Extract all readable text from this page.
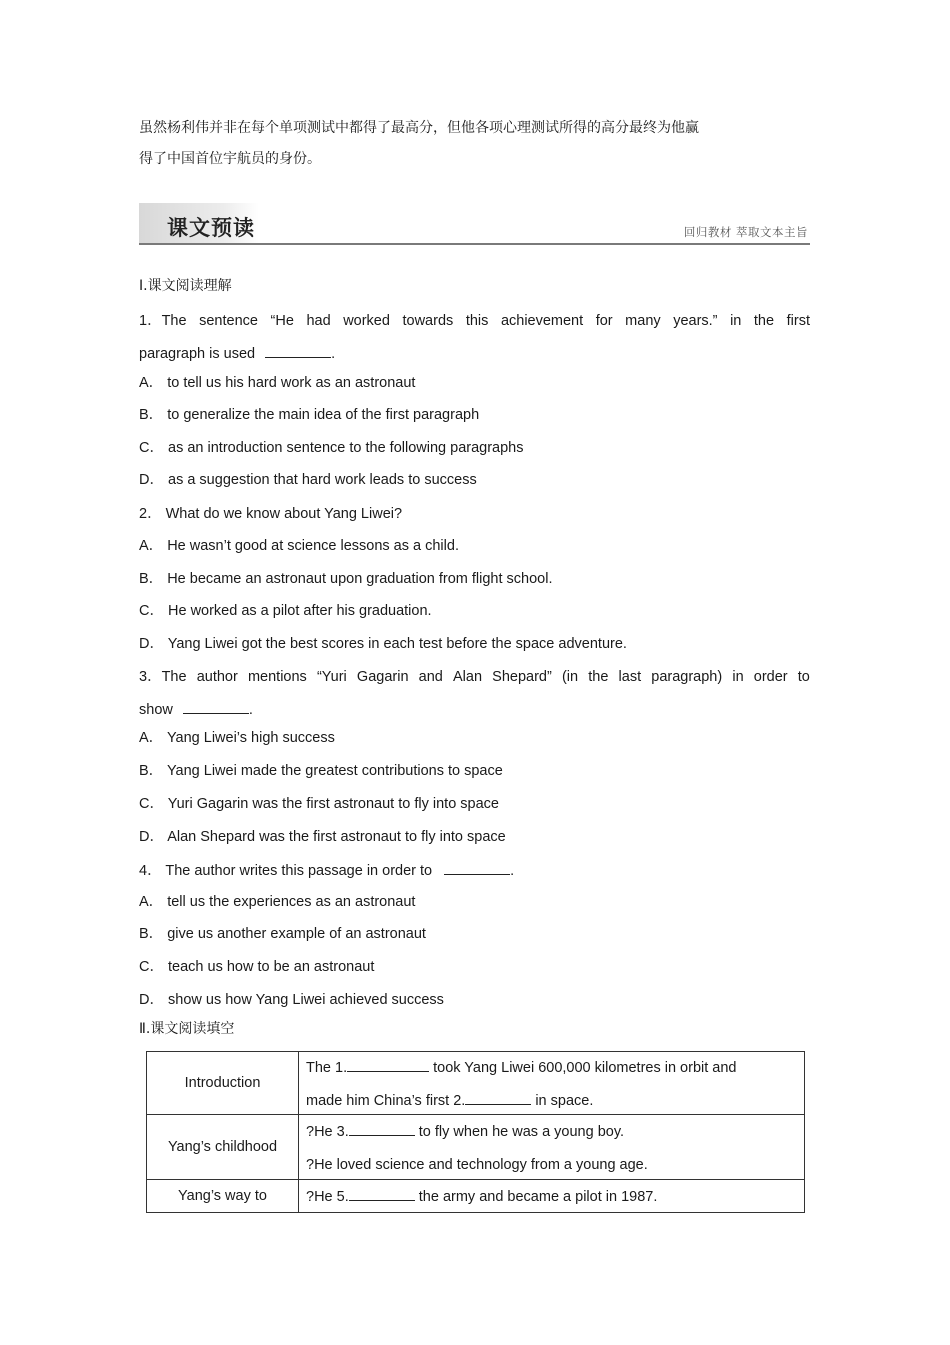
虽然杨利伟并非在每个单项测试中都得了最高分，但他各项心理测试所得的高分最终为他赢
得了中国首位宇航员的身份。
课文预读	回归教材 萃取文本主旨
Ⅰ.课文阅读理解
1．The sentence “He had worked towards this achievement for many years.” in the first
paragraph is used	.
A． to tell us his hard work as an astronaut
B． to generalize the main idea of the first paragraph
C． as an introduction sentence to the following paragraphs
D． as a suggestion that hard work leads to success
2． What do we know about Yang Liwei?
A． He wasn’t good at science lessons as a child.
B． He became an astronaut upon graduation from flight school.
C． He worked as a pilot after his graduation.
D． Yang Liwei got the best scores in each test before the space adventure.
3．The author mentions “Yuri Gagarin and Alan Shepard” (in the last paragraph) in order to
show	.
A． Yang Liwei’s high success
B． Yang Liwei made the greatest contributions to space
C． Yuri Gagarin was the first astronaut to fly into space
D． Alan Shepard was the first astronaut to fly into space
4． The author writes this passage in order to	.
A． tell us the experiences as an astronaut
B． give us another example of an astronaut
C． teach us how to be an astronaut
D． show us how Yang Liwei achieved success
Ⅱ.课文阅读填空
Introduction	The 1. took Yang Liwei 600,000 kilometres in orbit and
made him China’s first 2. in space.

Yang’s childhood	?He 3. to fly when he was a young boy.
?He loved science and technology from a young age.

Yang’s way to	?He 5. the army and became a pilot in 1987.
